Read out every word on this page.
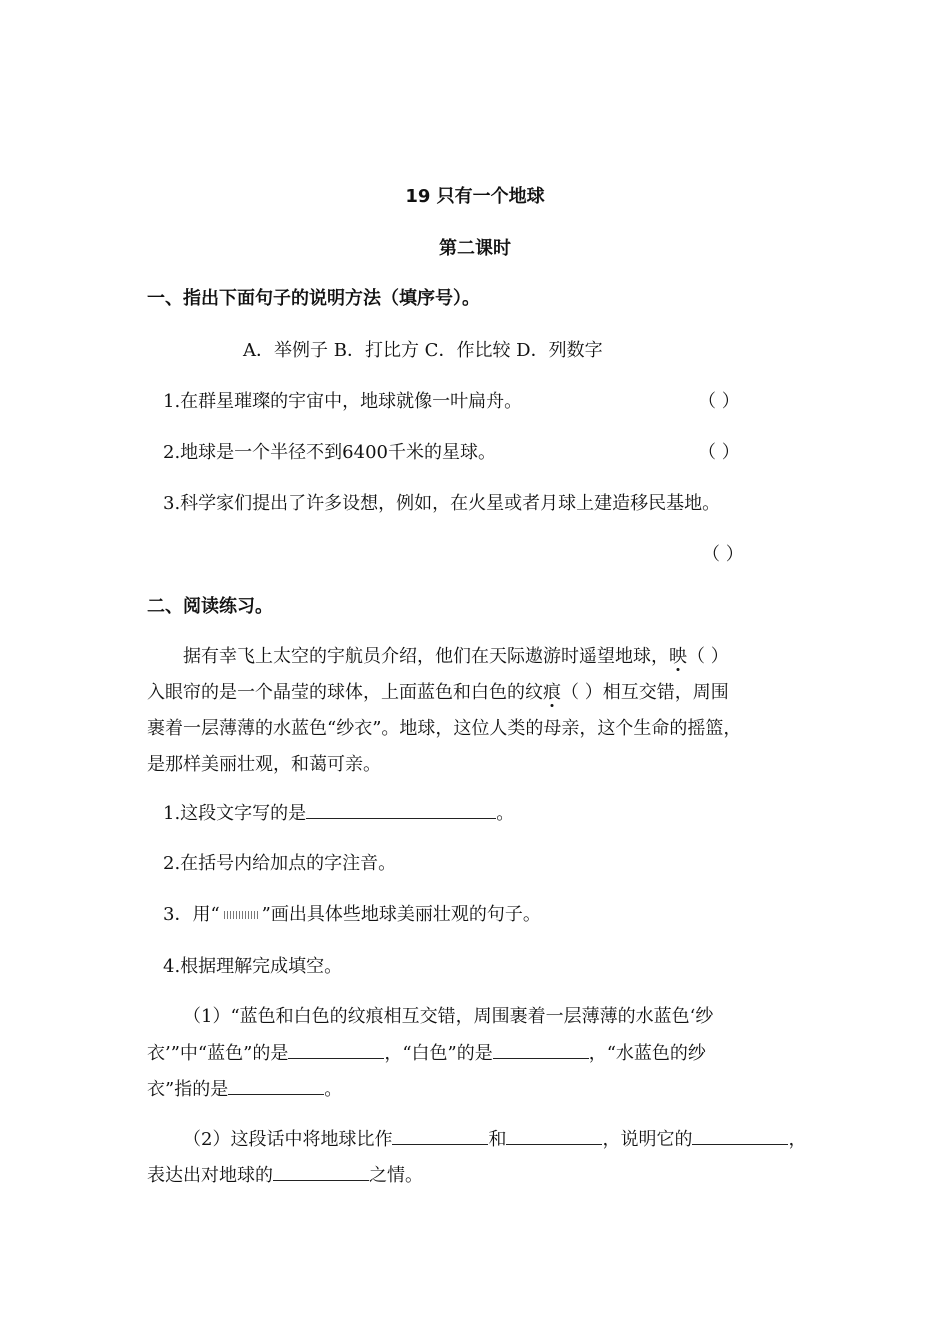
19 只有一个地球
第二课时
一、指出下面句子的说明方法（填序号）。
A．举例子 B．打比方 C．作比较 D．列数字
1.在群星璀璨的宇宙中，地球就像一叶扁舟。	（ ）
2.地球是一个半径不到6400千米的星球。	（ ）
3.科学家们提出了许多设想，例如，在火星或者月球上建造移民基地。
（ ）
二、阅读练习。
据有幸飞上太空的宇航员介绍，他们在天际遨游时遥望地球，映（ ）
入眼帘的是一个晶莹的球体，上面蓝色和白色的纹痕（ ）相互交错，周围
裹着一层薄薄的水蓝色“纱衣”。地球，这位人类的母亲，这个生命的摇篮，
是那样美丽壮观，和蔼可亲。
1.这段文字写的是	。
2.在括号内给加点的字注音。
3．用“ ”画出具体些地球美丽壮观的句子。
4.根据理解完成填空。
（1）“蓝色和白色的纹痕相互交错，周围裹着一层薄薄的水蓝色‘纱
衣’”中“蓝色”的是	，“白色”的是	，“水蓝色的纱
衣”指的是	。
（2）这段话中将地球比作	和	，说明它的	，
表达出对地球的	之情。
